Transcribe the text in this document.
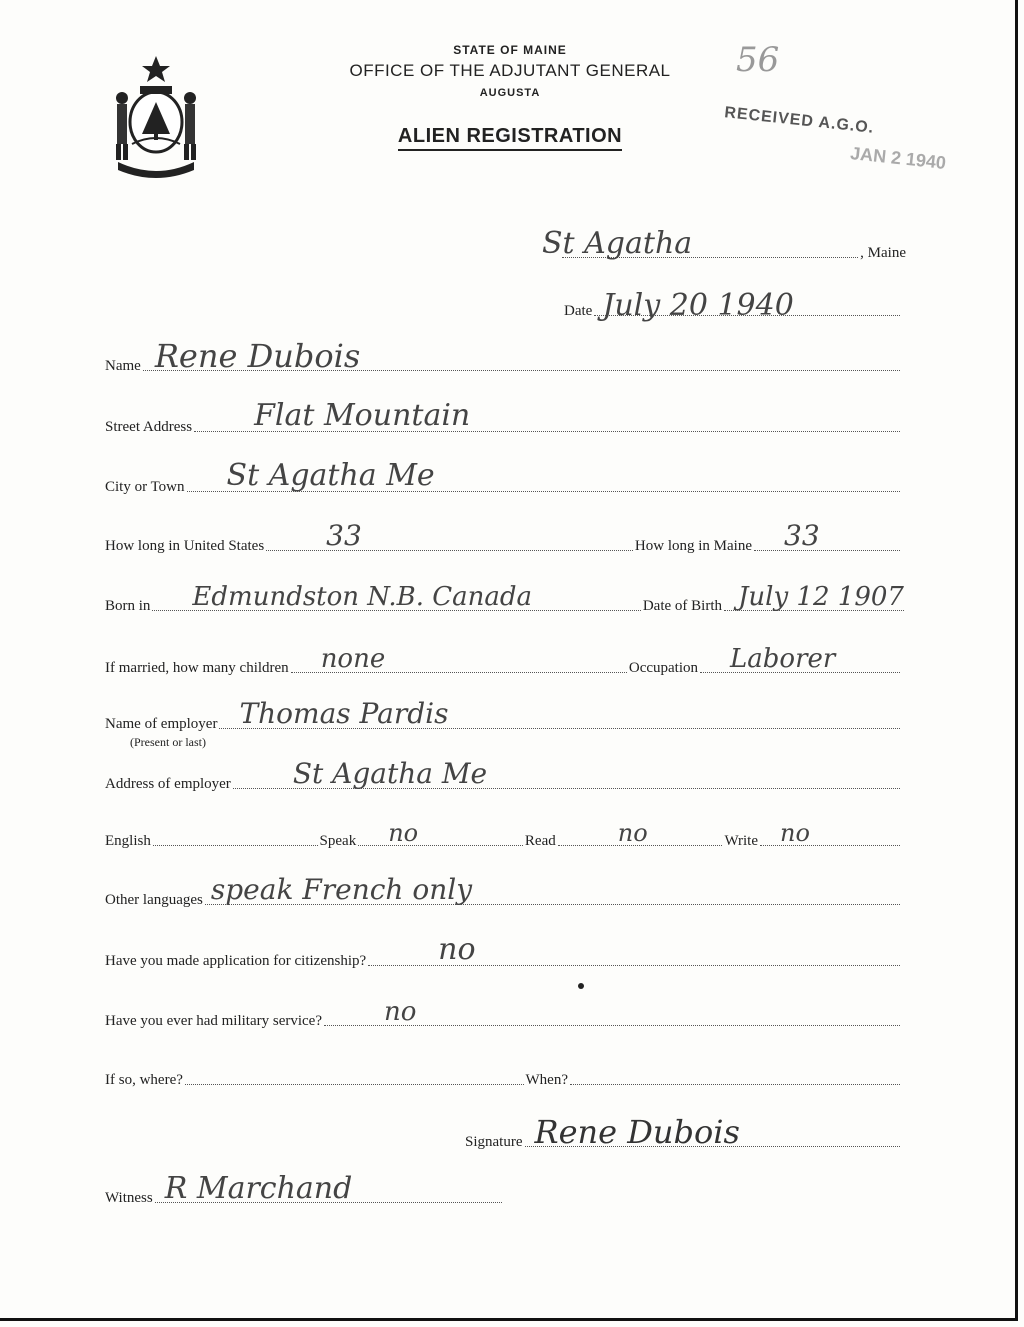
STATE OF MAINE
OFFICE OF THE ADJUTANT GENERAL
AUGUSTA
ALIEN REGISTRATION
56
RECEIVED A.G.O.
JAN 2 1940
St Agatha	, Maine
Date July 20 1940
Name Rene Dubois
Street Address Flat Mountain
City or Town St Agatha Me
How long in United States 33	How long in Maine 33
Born in Edmundston N.B. Canada	Date of Birth July 12 1907
If married, how many children none	Occupation Laborer
Name of employer Thomas Pardis
(Present or last)
Address of employer St Agatha Me
English	Speak no	Read	no	Write no
Other languages speak French only
Have you made application for citizenship? no
Have you ever had military service? no
If so, where?	When?
Signature Rene Dubois
Witness R Marchand
